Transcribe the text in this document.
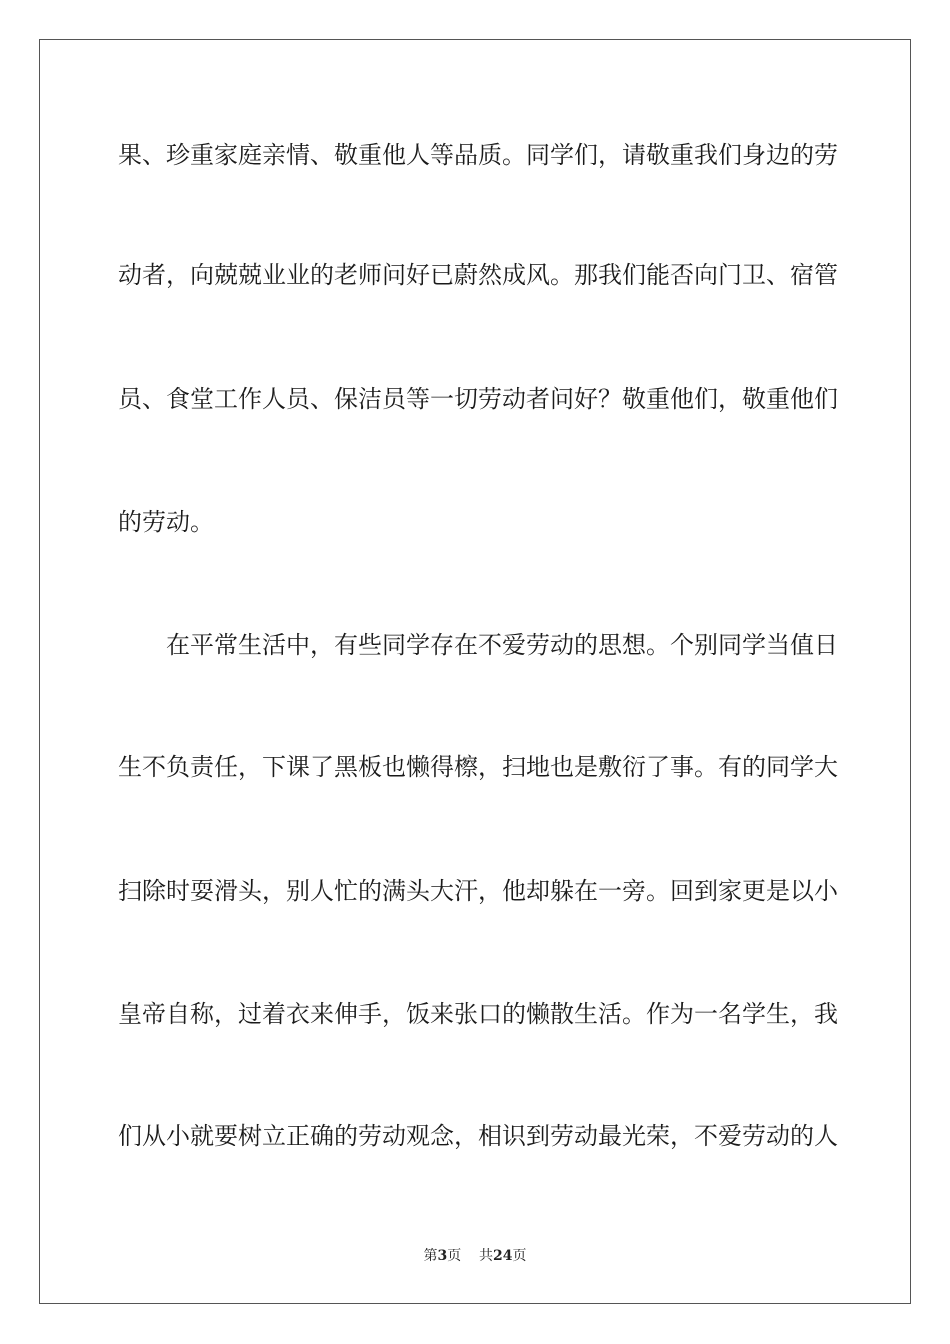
果、珍重家庭亲情、敬重他人等品质。同学们，请敬重我们身边的劳
动者，向兢兢业业的老师问好已蔚然成风。那我们能否向门卫、宿管
员、食堂工作人员、保洁员等一切劳动者问好？敬重他们，敬重他们
的劳动。
在平常生活中，有些同学存在不爱劳动的思想。个别同学当值日
生不负责任，下课了黑板也懒得檫，扫地也是敷衍了事。有的同学大
扫除时耍滑头，别人忙的满头大汗，他却躲在一旁。回到家更是以小
皇帝自称，过着衣来伸手，饭来张口的懒散生活。作为一名学生，我
们从小就要树立正确的劳动观念，相识到劳动最光荣，不爱劳动的人
第3页 共24页
